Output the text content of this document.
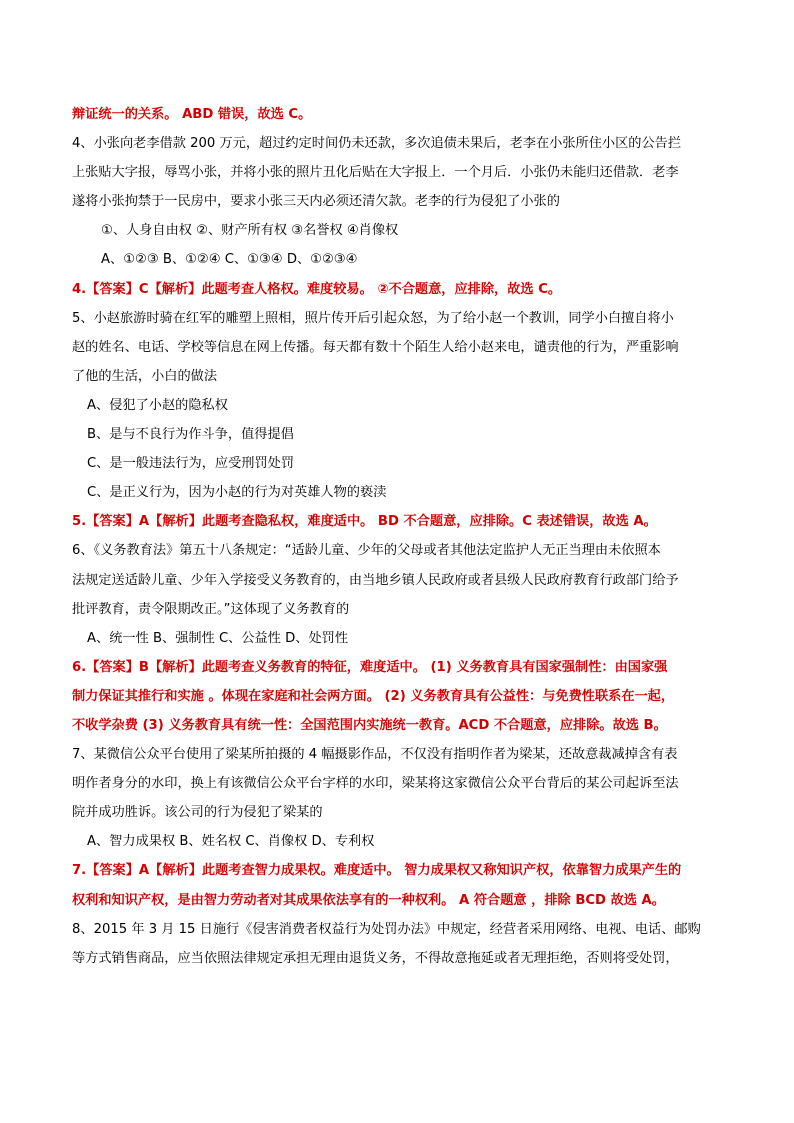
辩证统一的关系。 ABD 错误，故选 C。
4、小张向老李借款 200 万元，超过约定时间仍未还款，多次追债未果后，老李在小张所住小区的公告拦
上张贴大字报，辱骂小张，并将小张的照片丑化后贴在大字报上．一个月后．小张仍未能归还借款．老李
遂将小张拘禁于一民房中，要求小张三天内必须还清欠款。老李的行为侵犯了小张的
①、人身自由权 ②、财产所有权 ③名誉权 ④肖像权
A、①②③ B、①②④ C、①③④ D、①②③④
4.【答案】C【解析】此题考查人格权。难度较易。 ②不合题意，应排除，故选 C。
5、小赵旅游时骑在红军的雕塑上照相，照片传开后引起众怒，为了给小赵一个教训，同学小白擅自将小
赵的姓名、电话、学校等信息在网上传播。每天都有数十个陌生人给小赵来电，谴责他的行为，严重影响
了他的生活，小白的做法
A、侵犯了小赵的隐私权
B、是与不良行为作斗争，值得提倡
C、是一般违法行为，应受刑罚处罚
C、是正义行为，因为小赵的行为对英雄人物的亵渎
5.【答案】A【解析】此题考查隐私权，难度适中。 BD 不合题意，应排除。C 表述错误，故选 A。
6、《义务教育法》第五十八条规定：“适龄儿童、少年的父母或者其他法定监护人无正当理由未依照本
法规定送适龄儿童、少年入学接受义务教育的，由当地乡镇人民政府或者县级人民政府教育行政部门给予
批评教育，责令限期改正。”这体现了义务教育的
A、统一性 B、强制性 C、公益性 D、处罚性
6.【答案】B【解析】此题考查义务教育的特征，难度适中。 (1) 义务教育具有国家强制性：由国家强
制力保证其推行和实施 。体现在家庭和社会两方面。 (2) 义务教育具有公益性：与免费性联系在一起，
不收学杂费 (3) 义务教育具有统一性：全国范围内实施统一教育。ACD 不合题意，应排除。故选 B。
7、某微信公众平台使用了梁某所拍摄的 4 幅摄影作品，不仅没有指明作者为梁某，还故意裁减掉含有表
明作者身分的水印，换上有该微信公众平台字样的水印，梁某将这家微信公众平台背后的某公司起诉至法
院并成功胜诉。该公司的行为侵犯了梁某的
A、智力成果权 B、姓名权 C、肖像权 D、专利权
7.【答案】A【解析】此题考查智力成果权。难度适中。 智力成果权又称知识产权，依靠智力成果产生的
权利和知识产权，是由智力劳动者对其成果依法享有的一种权利。 A 符合题意 ，排除 BCD 故选 A。
8、2015 年 3 月 15 日施行《侵害消费者权益行为处罚办法》中规定，经营者采用网络、电视、电话、邮购
等方式销售商品，应当依照法律规定承担无理由退货义务，不得故意拖延或者无理拒绝，否则将受处罚，
